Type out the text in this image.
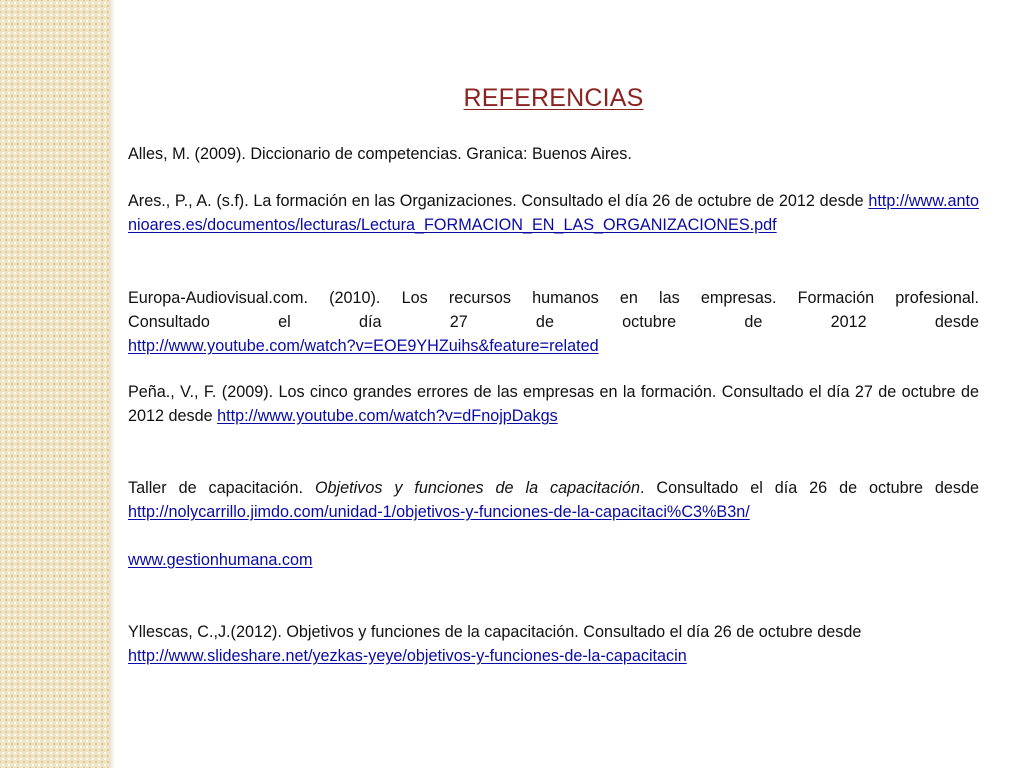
REFERENCIAS

Alles, M. (2009). Diccionario de competencias. Granica: Buenos Aires.

Ares., P., A. (s.f). La formación en las Organizaciones. Consultado el día 26 de octubre de 2012 desde http://www.antonioares.es/documentos/lecturas/Lectura_FORMACION_EN_LAS_ORGANIZACIONES.pdf

Europa-Audiovisual.com. (2010). Los recursos humanos en las empresas. Formación profesional.
Consultado el día 27 de octubre de 2012 desde
http://www.youtube.com/watch?v=EOE9YHZuihs&feature=related

Peña., V., F. (2009). Los cinco grandes errores de las empresas en la formación. Consultado el día 27 de octubre de 2012 desde http://www.youtube.com/watch?v=dFnojpDakgs

Taller de capacitación. Objetivos y funciones de la capacitación. Consultado el día 26 de octubre desde http://nolycarrillo.jimdo.com/unidad-1/objetivos-y-funciones-de-la-capacitaci%C3%B3n/

www.gestionhumana.com

Yllescas, C.,J.(2012). Objetivos y funciones de la capacitación. Consultado el día 26 de octubre desde
http://www.slideshare.net/yezkas-yeye/objetivos-y-funciones-de-la-capacitacin
